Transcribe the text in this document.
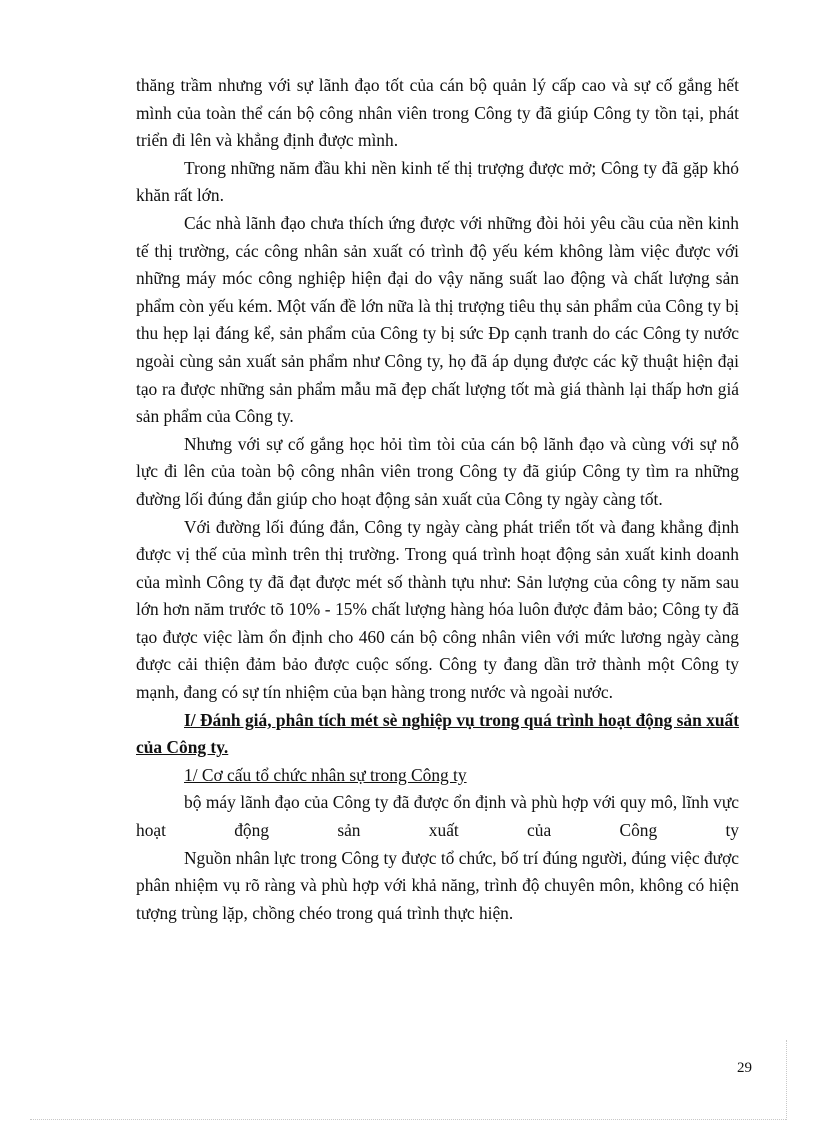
thăng trầm nhưng với sự lãnh đạo tốt của cán bộ quản lý cấp cao và sự cố gắng hết mình của toàn thể cán bộ công nhân viên trong Công ty đã giúp Công ty tồn tại, phát triển đi lên và khẳng định được mình.

Trong những năm đầu khi nền kinh tế thị trượng được mở; Công ty đã gặp khó khăn rất lớn.

Các nhà lãnh đạo chưa thích ứng được với những đòi hỏi yêu cầu của nền kinh tế thị trường, các công nhân sản xuất có trình độ yếu kém không làm việc được với những máy móc công nghiệp hiện đại do vậy năng suất lao động và chất lượng sản phẩm còn yếu kém. Một vấn đề lớn nữa là thị trượng tiêu thụ sản phẩm của Công ty bị thu hẹp lại đáng kể, sản phẩm của Công ty bị sức Đp cạnh tranh do các Công ty nước ngoài cùng sản xuất sản phẩm như Công ty, họ đã áp dụng được các kỹ thuật hiện đại tạo ra được những sản phẩm mẫu mã đẹp chất lượng tốt mà giá thành lại thấp hơn giá sản phẩm của Công ty.

Nhưng với sự cố gắng học hỏi tìm tòi của cán bộ lãnh đạo và cùng với sự nỗ lực đi lên của toàn bộ công nhân viên trong Công ty đã giúp Công ty tìm ra những đường lối đúng đắn giúp cho hoạt động sản xuất của Công ty ngày càng tốt.

Với đường lối đúng đắn, Công ty ngày càng phát triển tốt và đang khẳng định được vị thế của mình trên thị trường. Trong quá trình hoạt động sản xuất kinh doanh của mình Công ty đã đạt được mét số thành tựu như: Sản lượng của công ty năm sau lớn hơn năm trước tõ 10% - 15% chất lượng hàng hóa luôn được đảm bảo; Công ty đã tạo được việc làm ổn định cho 460 cán bộ công nhân viên với mức lương ngày càng được cải thiện đảm bảo được cuộc sống. Công ty đang dần trở thành một Công ty mạnh, đang có sự tín nhiệm của bạn hàng trong nước và ngoài nước.

I/ Đánh giá, phân tích mét sè nghiệp vụ trong quá trình hoạt động sản xuất của Công ty.

1/ Cơ cấu tổ chức nhân sự trong Công ty

bộ máy lãnh đạo của Công ty đã được ổn định và phù hợp với quy mô, lĩnh vực hoạt động sản xuất của Công ty

Nguồn nhân lực trong Công ty được tổ chức, bố trí đúng người, đúng việc được phân nhiệm vụ rõ ràng và phù hợp với khả năng, trình độ chuyên môn, không có hiện tượng trùng lặp, chồng chéo trong quá trình thực hiện.

29
